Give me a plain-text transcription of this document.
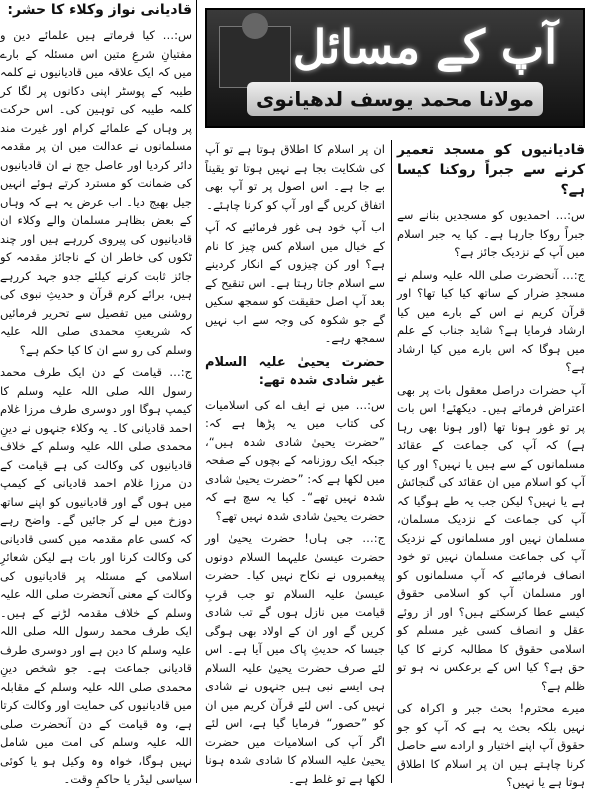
قادیانی نواز وکلاء کا حشر:

س:… کیا فرماتے ہیں علمائے دین و مفتیانِ شرعِ متین اس مسئلہ کے بارے میں کہ ایک علاقہ میں قادیانیوں نے کلمہ طیبہ کے پوسٹر اپنی دکانوں پر لگا کر کلمہ طیبہ کی توہین کی۔ اس حرکت پر وہاں کے علمائے کرام اور غیرت مند مسلمانوں نے عدالت میں ان پر مقدمہ دائر کردیا اور عاصل جج نے ان قادیانیوں کی ضمانت کو مسترد کرتے ہوئے انہیں جیل بھیج دیا۔ اب عرض یہ ہے کہ وہاں کے بعض بظاہر مسلمان والے وکلاء ان قادیانیوں کی پیروی کررہے ہیں اور چند ٹکوں کی خاطر ان کے ناجائز مقدمہ کو جائز ثابت کرنے کیلئے جدو جہد کررہے ہیں، برائے کرم قرآن و حدیثِ نبوی کی روشنی میں تفصیل سے تحریر فرمائیں کہ شریعتِ محمدی صلی اللہ علیہ وسلم کی رو سے ان کا کیا حکم ہے؟

ج:… قیامت کے دن ایک طرف محمد رسول اللہ صلی اللہ علیہ وسلم کا کیمپ ہوگا اور دوسری طرف مرزا غلام احمد قادیانی کا۔ یہ وکلاء جنہوں نے دینِ محمدی صلی اللہ علیہ وسلم کے خلاف قادیانیوں کی وکالت کی ہے قیامت کے دن مرزا غلام احمد قادیانی کے کیمپ میں ہوں گے اور قادیانیوں کو اپنے ساتھ دوزخ میں لے کر جائیں گے۔ واضح رہے کہ کسی عام مقدمہ میں کسی قادیانی کی وکالت کرنا اور بات ہے لیکن شعائرِ اسلامی کے مسئلہ پر قادیانیوں کی وکالت کے معنی آنحضرت صلی اللہ علیہ وسلم کے خلاف مقدمہ لڑنے کے ہیں۔ ایک طرف محمد رسول اللہ صلی اللہ علیہ وسلم کا دین ہے اور دوسری طرف قادیانی جماعت ہے۔ جو شخص دینِ محمدی صلی اللہ علیہ وسلم کے مقابلہ میں قادیانیوں کی حمایت اور وکالت کرتا ہے، وہ قیامت کے دن آنحضرت صلی اللہ علیہ وسلم کی امت میں شامل نہیں ہوگا، خواہ وہ وکیل ہو یا کوئی سیاسی لیڈر یا حاکمِ وقت۔

آپ کے مسائل
مولانا محمد یوسف لدھیانوی

ان پر اسلام کا اطلاق ہوتا ہے تو آپ کی شکایت بجا ہے نہیں ہوتا تو یقیناً بے جا ہے۔ اس اصول پر تو آپ بھی اتفاق کریں گے اور آپ کو کرنا چاہئے۔

اب آپ خود ہی غور فرمائیے کہ آپ کے خیال میں اسلام کس چیز کا نام ہے؟ اور کن چیزوں کے انکار کردینے سے اسلام جاتا رہتا ہے۔ اس تنقیح کے بعد آپ اصل حقیقت کو سمجھ سکیں گے جو شکوہ کی وجہ سے اب نہیں سمجھ رہے۔

حضرت یحییٰ علیہ السلام غیر شادی شدہ تھے:

س:… میں نے ایف اے کی اسلامیات کی کتاب میں یہ پڑھا ہے کہ: ”حضرت یحییٰ شادی شدہ ہیں“، جبکہ ایک روزنامہ کے بچوں کے صفحہ میں لکھا ہے کہ: ”حضرت یحییٰ شادی شدہ نہیں تھے“۔ کیا یہ سچ ہے کہ حضرت یحییٰ شادی شدہ نہیں تھے؟

ج:… جی ہاں! حضرت یحییٰ اور حضرت عیسیٰ علیہما السلام دونوں پیغمبروں نے نکاح نہیں کیا۔ حضرت عیسیٰ علیہ السلام تو جب قربِ قیامت میں نازل ہوں گے تب شادی کریں گے اور ان کے اولاد بھی ہوگی جیسا کہ حدیثِ پاک میں آیا ہے۔ اس لئے صرف حضرت یحییٰ علیہ السلام ہی ایسے نبی ہیں جنہوں نے شادی نہیں کی۔ اس لئے قرآن کریم میں ان کو ”حصور“ فرمایا گیا ہے، اس لئے اگر آپ کی اسلامیات میں حضرت یحییٰ علیہ السلام کا شادی شدہ ہونا لکھا ہے تو غلط ہے۔

قادیانیوں کو مسجد تعمیر کرنے سے جبراً روکنا کیسا ہے؟

س:… احمدیوں کو مسجدیں بنانے سے جبراً روکا جارہا ہے۔ کیا یہ جبر اسلام میں آپ کے نزدیک جائز ہے؟

ج:… آنحضرت صلی اللہ علیہ وسلم نے مسجدِ ضرار کے ساتھ کیا کیا تھا؟ اور قرآن کریم نے اس کے بارے میں کیا ارشاد فرمایا ہے؟ شاید جناب کے علم میں ہوگا کہ اس بارے میں کیا ارشاد ہے؟

آپ حضرات دراصل معقول بات پر بھی اعتراض فرماتے ہیں۔ دیکھئے! اس بات پر تو غور ہونا تھا (اور ہونا بھی رہا ہے) کہ آپ کی جماعت کے عقائد مسلمانوں کے سے ہیں یا نہیں؟ اور کیا آپ کو اسلام میں ان عقائد کی گنجائش ہے یا نہیں؟ لیکن جب یہ طے ہوگیا کہ آپ کی جماعت کے نزدیک مسلمان، مسلمان نہیں اور مسلمانوں کے نزدیک آپ کی جماعت مسلمان نہیں تو خود انصاف فرمائیے کہ آپ مسلمانوں کو اور مسلمان آپ کو اسلامی حقوق کیسے عطا کرسکتے ہیں؟ اور از روئے عقل و انصاف کسی غیر مسلم کو اسلامی حقوق کا مطالبہ کرنے کا کیا حق ہے؟ کیا اس کے برعکس نہ ہو تو ظلم ہے؟

میرے محترم! بحث جبر و اکراہ کی نہیں بلکہ بحث یہ ہے کہ آپ کو جو حقوق آپ اپنے اختیار و ارادے سے حاصل کرنا چاہتے ہیں ان پر اسلام کا اطلاق ہوتا ہے یا نہیں؟
